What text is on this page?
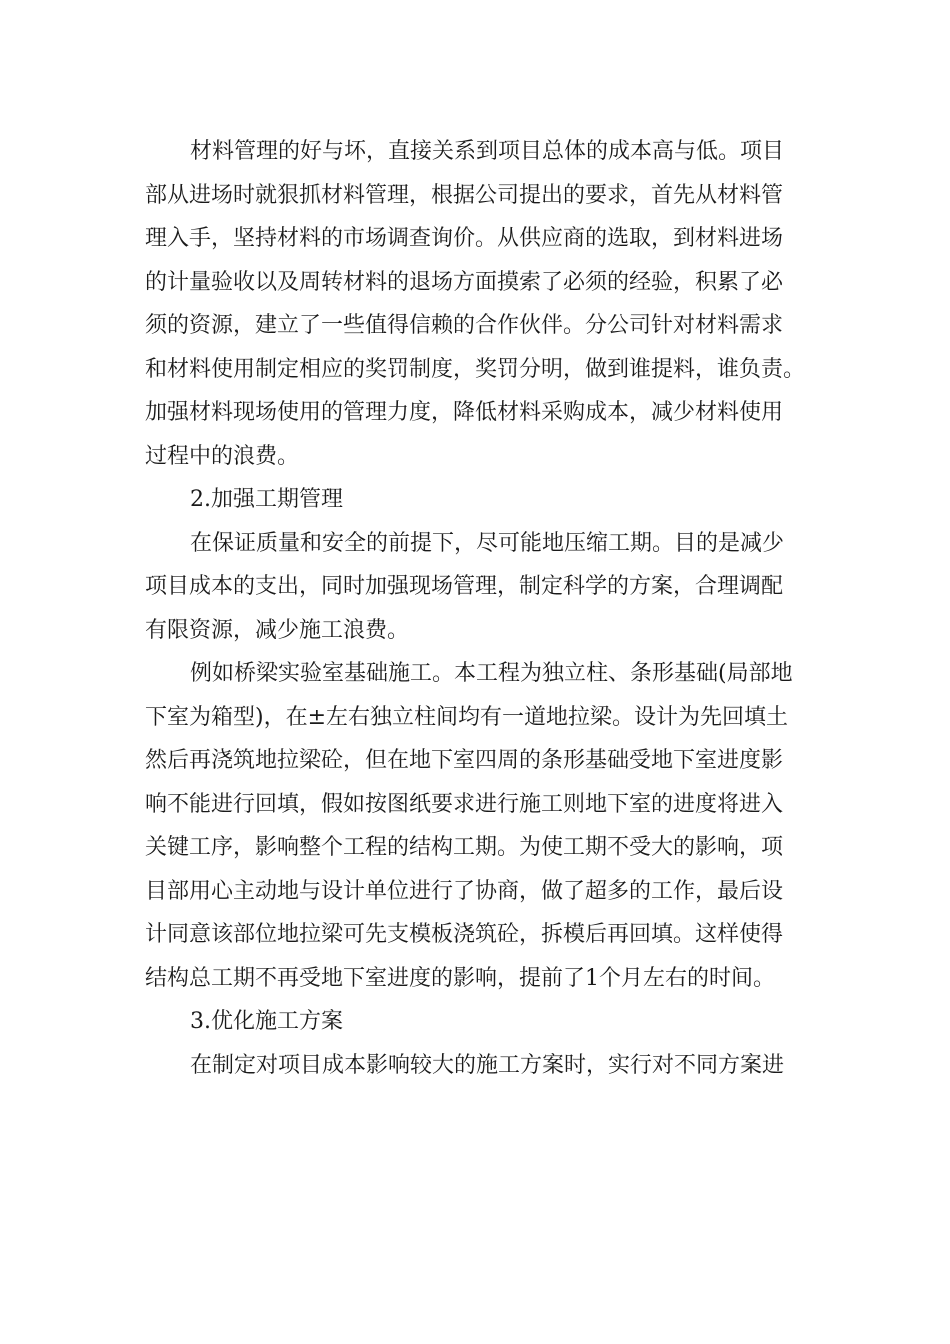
材料管理的好与坏，直接关系到项目总体的成本高与低。项目
部从进场时就狠抓材料管理，根据公司提出的要求，首先从材料管
理入手，坚持材料的市场调查询价。从供应商的选取，到材料进场
的计量验收以及周转材料的退场方面摸索了必须的经验，积累了必
须的资源，建立了一些值得信赖的合作伙伴。分公司针对材料需求
和材料使用制定相应的奖罚制度，奖罚分明，做到谁提料，谁负责。
加强材料现场使用的管理力度，降低材料采购成本，减少材料使用
过程中的浪费。
2.加强工期管理
在保证质量和安全的前提下，尽可能地压缩工期。目的是减少
项目成本的支出，同时加强现场管理，制定科学的方案，合理调配
有限资源，减少施工浪费。
例如桥梁实验室基础施工。本工程为独立柱、条形基础(局部地
下室为箱型)，在±左右独立柱间均有一道地拉梁。设计为先回填土
然后再浇筑地拉梁砼，但在地下室四周的条形基础受地下室进度影
响不能进行回填，假如按图纸要求进行施工则地下室的进度将进入
关键工序，影响整个工程的结构工期。为使工期不受大的影响，项
目部用心主动地与设计单位进行了协商，做了超多的工作，最后设
计同意该部位地拉梁可先支模板浇筑砼，拆模后再回填。这样使得
结构总工期不再受地下室进度的影响，提前了1个月左右的时间。
3.优化施工方案
在制定对项目成本影响较大的施工方案时，实行对不同方案进
